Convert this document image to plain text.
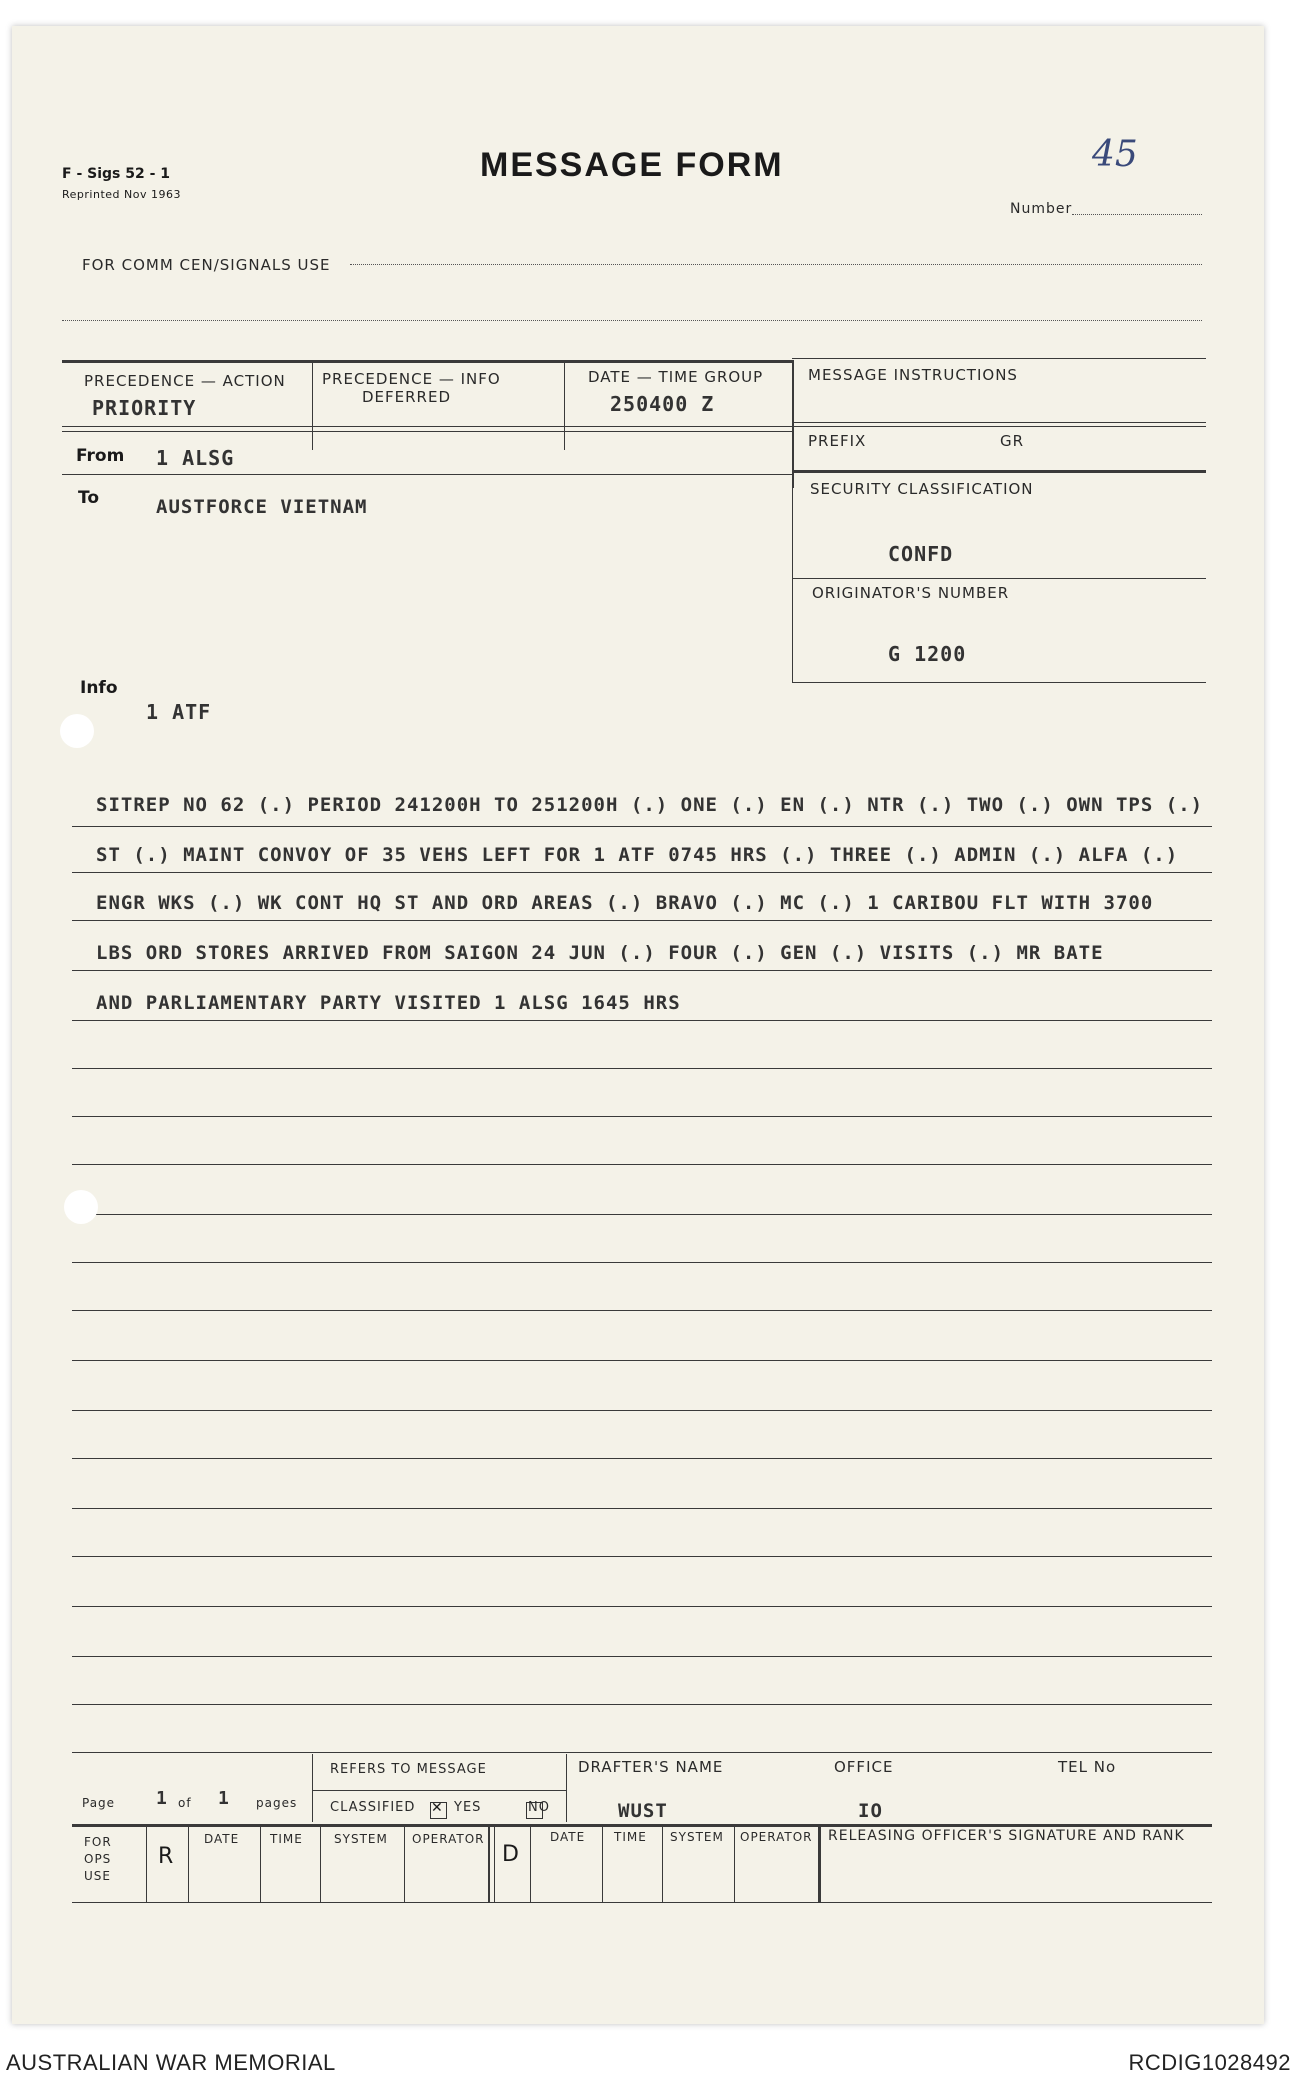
F - Sigs 52 - 1
Reprinted Nov 1963
MESSAGE FORM	45
Number
FOR COMM CEN/SIGNALS USE
PRECEDENCE — ACTION
PRIORITY
PRECEDENCE — INFO
DEFERRED
DATE — TIME GROUP
250400 Z
MESSAGE INSTRUCTIONS
PREFIX	GR
From 1 ALSG
To	AUSTFORCE VIETNAM
SECURITY CLASSIFICATION
CONFD
ORIGINATOR'S NUMBER
G 1200
Info
1 ATF
SITREP NO 62 (.) PERIOD 241200H TO 251200H (.) ONE (.) EN (.) NTR (.) TWO (.) OWN TPS (.)
ST (.) MAINT CONVOY OF 35 VEHS LEFT FOR 1 ATF 0745 HRS (.) THREE (.) ADMIN (.) ALFA (.)
ENGR WKS (.) WK CONT HQ ST AND ORD AREAS (.) BRAVO (.) MC (.) 1 CARIBOU FLT WITH 3700
LBS ORD STORES ARRIVED FROM SAIGON 24 JUN (.) FOUR (.) GEN (.) VISITS (.) MR BATE
AND PARLIAMENTARY PARTY VISITED 1 ALSG 1645 HRS
Page 1 of 1 pages
REFERS TO MESSAGE
CLASSIFIED
✕	YES	NO
DRAFTER'S NAME
WUST
OFFICE
IO
TEL No
FOR OPS USE
R
DATE	TIME	SYSTEM OPERATOR
D
DATE TIME SYSTEM OPERATOR RELEASING OFFICER'S SIGNATURE AND RANK
AUSTRALIAN WAR MEMORIAL	RCDIG1028492
